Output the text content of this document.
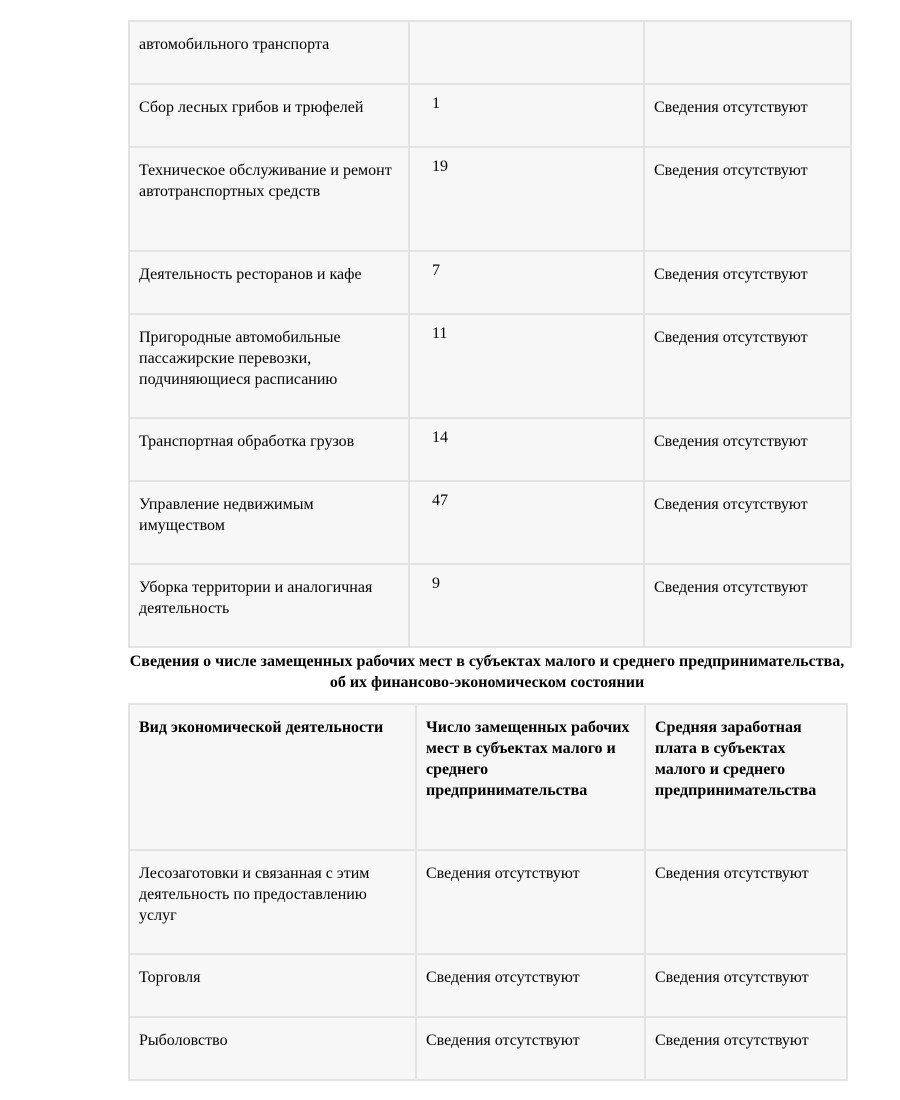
автомобильного транспорта		
Сбор лесных грибов и трюфелей	1	Сведения отсутствуют
Техническое обслуживание и ремонт автотранспортных средств	19	Сведения отсутствуют
Деятельность ресторанов и кафе	7	Сведения отсутствуют
Пригородные автомобильные пассажирские перевозки, подчиняющиеся расписанию	11	Сведения отсутствуют
Транспортная обработка грузов	14	Сведения отсутствуют
Управление недвижимым имуществом	47	Сведения отсутствуют
Уборка территории и аналогичная деятельность	9	Сведения отсутствуют
Сведения о числе замещенных рабочих мест в субъектах малого и среднего предпринимательства, об их финансово-экономическом состоянии
Вид экономической деятельности	Число замещенных рабочих мест в субъектах малого и среднего предпринимательства	Средняя заработная плата в субъектах малого и среднего предпринимательства
Лесозаготовки и связанная с этим деятельность по предоставлению услуг	Сведения отсутствуют	Сведения отсутствуют
Торговля	Сведения отсутствуют	Сведения отсутствуют
Рыболовство	Сведения отсутствуют	Сведения отсутствуют
